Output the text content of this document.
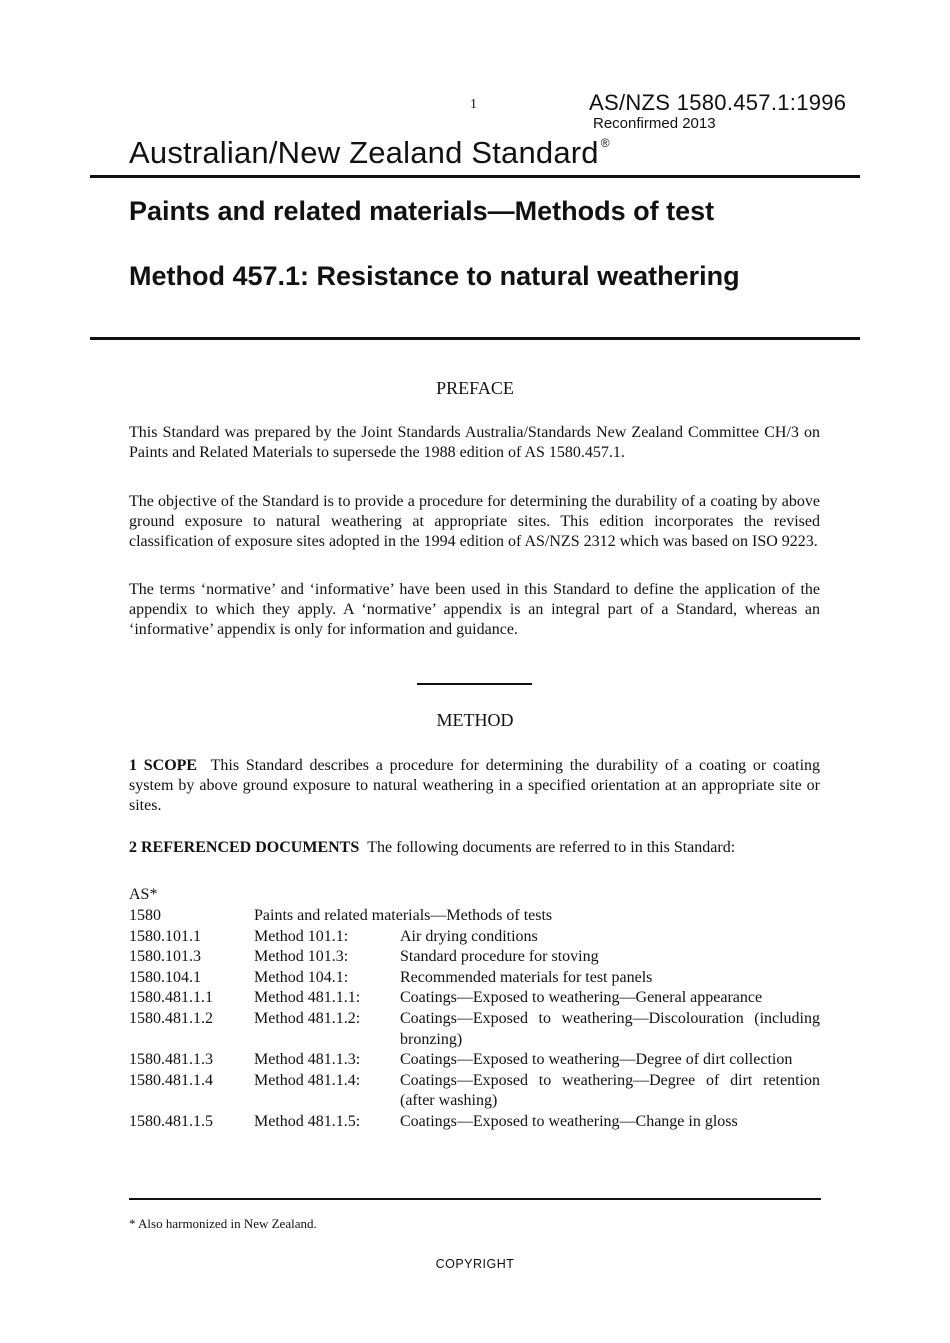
1	AS/NZS 1580.457.1:1996
Reconfirmed 2013
Australian/New Zealand Standard ®
Paints and related materials—Methods of test
Method 457.1: Resistance to natural weathering
PREFACE

This Standard was prepared by the Joint Standards Australia/Standards New Zealand Committee CH/3 on Paints and Related Materials to supersede the 1988 edition of AS 1580.457.1.

The objective of the Standard is to provide a procedure for determining the durability of a coating by above ground exposure to natural weathering at appropriate sites. This edition incorporates the revised classification of exposure sites adopted in the 1994 edition of AS/NZS 2312 which was based on ISO 9223.

The terms ‘normative’ and ‘informative’ have been used in this Standard to define the application of the appendix to which they apply. A ‘normative’ appendix is an integral part of a Standard, whereas an ‘informative’ appendix is only for information and guidance.

METHOD

1 SCOPE This Standard describes a procedure for determining the durability of a coating or coating system by above ground exposure to natural weathering in a specified orientation at an appropriate site or sites.

2 REFERENCED DOCUMENTS The following documents are referred to in this Standard:

AS*
1580	Paints and related materials—Methods of tests	
1580.101.1	Method 101.1:	Air drying conditions
1580.101.3	Method 101.3:	Standard procedure for stoving
1580.104.1	Method 104.1:	Recommended materials for test panels
1580.481.1.1	Method 481.1.1:	Coatings—Exposed to weathering—General appearance
1580.481.1.2	Method 481.1.2:	Coatings—Exposed to weathering—Discolouration (including bronzing)
1580.481.1.3	Method 481.1.3:	Coatings—Exposed to weathering—Degree of dirt collection
1580.481.1.4	Method 481.1.4:	Coatings—Exposed to weathering—Degree of dirt retention (after washing)
1580.481.1.5	Method 481.1.5:	Coatings—Exposed to weathering—Change in gloss
* Also harmonized in New Zealand.
COPYRIGHT
